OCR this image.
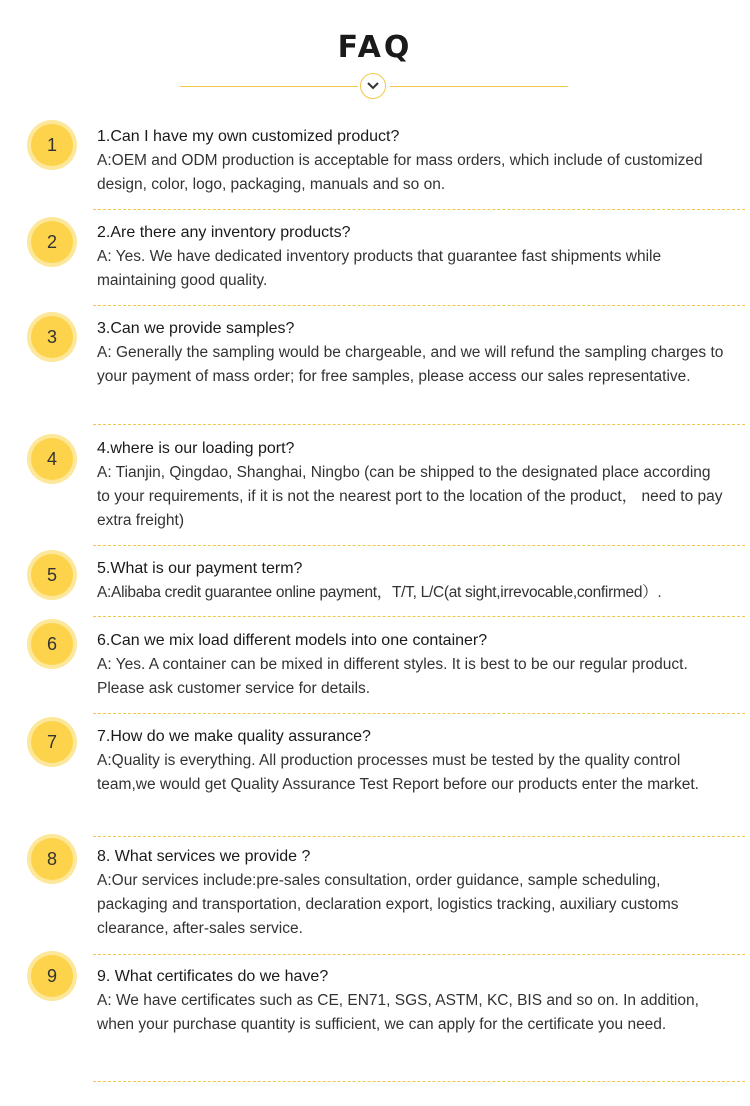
FAQ
1	1.Can I have my own customized product?
A:OEM and ODM production is acceptable for mass orders, which include of customized design, color, logo, packaging, manuals and so on.
2	2.Are there any inventory products?
A: Yes. We have dedicated inventory products that guarantee fast shipments while maintaining good quality.
3	3.Can we provide samples?
A: Generally the sampling would be chargeable, and we will refund the sampling charges to your payment of mass order; for free samples, please access our sales representative.
4	4.where is our loading port?
A: Tianjin, Qingdao, Shanghai, Ningbo (can be shipped to the designated place according to your requirements, if it is not the nearest port to the location of the product， need to pay extra freight)
5	5.What is our payment term?
A:Alibaba credit guarantee online payment，T/T, L/C(at sight,irrevocable,confirmed）.
6	6.Can we mix load different models into one container?
A: Yes. A container can be mixed in different styles. It is best to be our regular product. Please ask customer service for details.
7	7.How do we make quality assurance?
A:Quality is everything. All production processes must be tested by the quality control team,we would get Quality Assurance Test Report before our products enter the market.
8	8. What services we provide ?
A:Our services include:pre-sales consultation, order guidance, sample scheduling, packaging and transportation, declaration export, logistics tracking, auxiliary customs clearance, after-sales service.
9	9. What certificates do we have?
A: We have certificates such as CE, EN71, SGS, ASTM, KC, BIS and so on. In addition, when your purchase quantity is sufficient, we can apply for the certificate you need.
